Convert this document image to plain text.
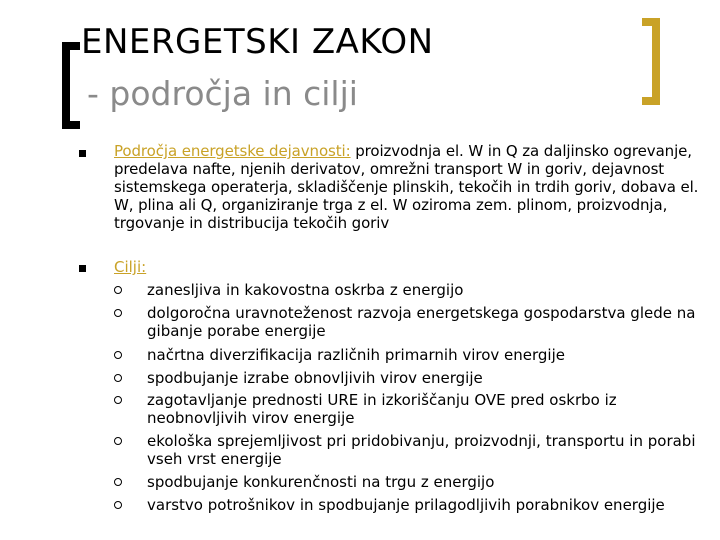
ENERGETSKI ZAKON
- področja in cilji
Področja energetske dejavnosti: proizvodnja el. W in Q za daljinsko ogrevanje, predelava nafte, njenih derivatov, omrežni transport W in goriv, dejavnost sistemskega operaterja, skladiščenje plinskih, tekočih in trdih goriv, dobava el. W, plina ali Q, organiziranje trga z el. W oziroma zem. plinom, proizvodnja, trgovanje in distribucija tekočih goriv
Cilji:
zanesljiva in kakovostna oskrba z energijo
dolgoročna uravnoteženost razvoja energetskega gospodarstva glede na gibanje porabe energije
načrtna diverzifikacija različnih primarnih virov energije
spodbujanje izrabe obnovljivih virov energije
zagotavljanje prednosti URE in izkoriščanju OVE pred oskrbo iz neobnovljivih virov energije
ekološka sprejemljivost pri pridobivanju, proizvodnji, transportu in porabi vseh vrst energije
spodbujanje konkurenčnosti na trgu z energijo
varstvo potrošnikov in spodbujanje prilagodljivih porabnikov energije
